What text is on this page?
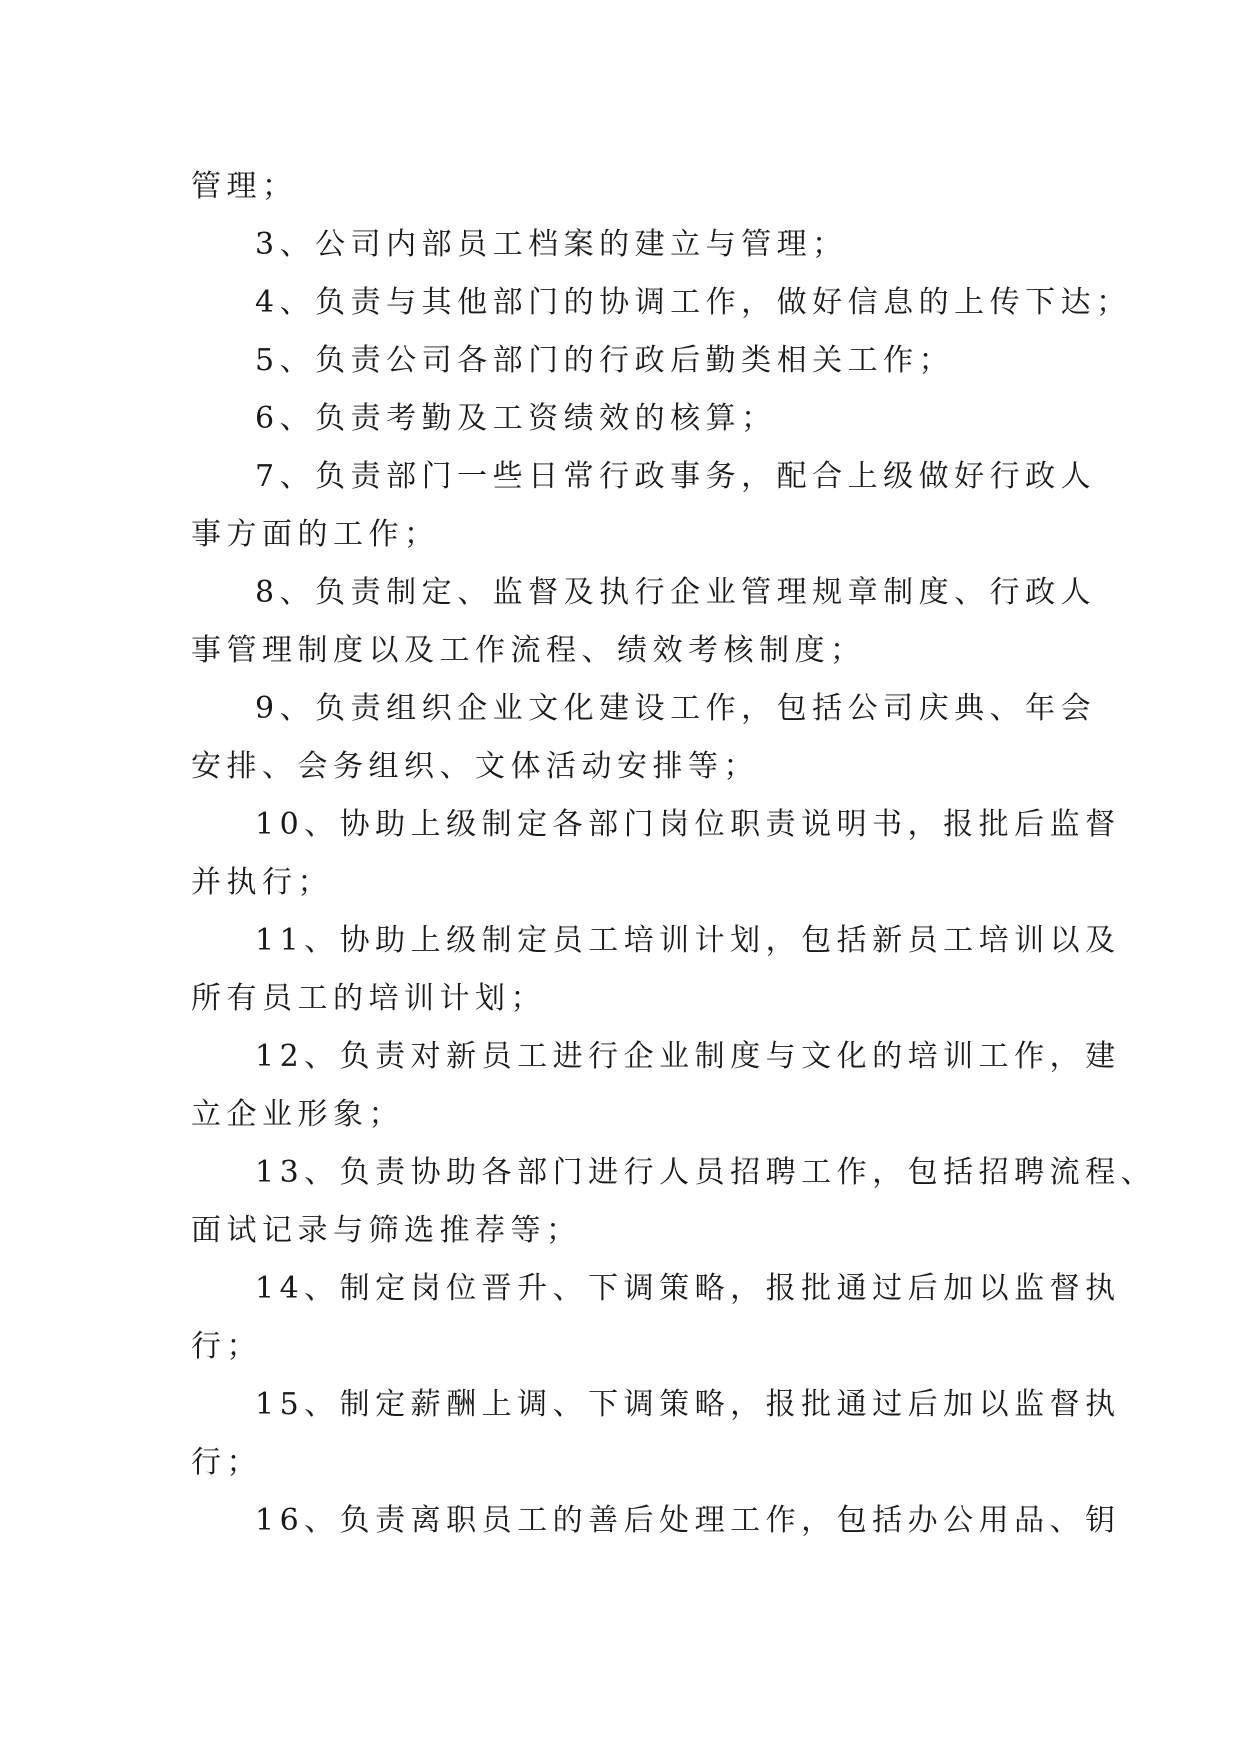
管理；
3、公司内部员工档案的建立与管理；
4、负责与其他部门的协调工作，做好信息的上传下达；
5、负责公司各部门的行政后勤类相关工作；
6、负责考勤及工资绩效的核算；
7、负责部门一些日常行政事务，配合上级做好行政人
事方面的工作；
8、负责制定、监督及执行企业管理规章制度、行政人
事管理制度以及工作流程、绩效考核制度；
9、负责组织企业文化建设工作，包括公司庆典、年会
安排、会务组织、文体活动安排等；
10、协助上级制定各部门岗位职责说明书，报批后监督
并执行；
11、协助上级制定员工培训计划，包括新员工培训以及
所有员工的培训计划；
12、负责对新员工进行企业制度与文化的培训工作，建
立企业形象；
13、负责协助各部门进行人员招聘工作，包括招聘流程、
面试记录与筛选推荐等；
14、制定岗位晋升、下调策略，报批通过后加以监督执
行；
15、制定薪酬上调、下调策略，报批通过后加以监督执
行；
16、负责离职员工的善后处理工作，包括办公用品、钥
